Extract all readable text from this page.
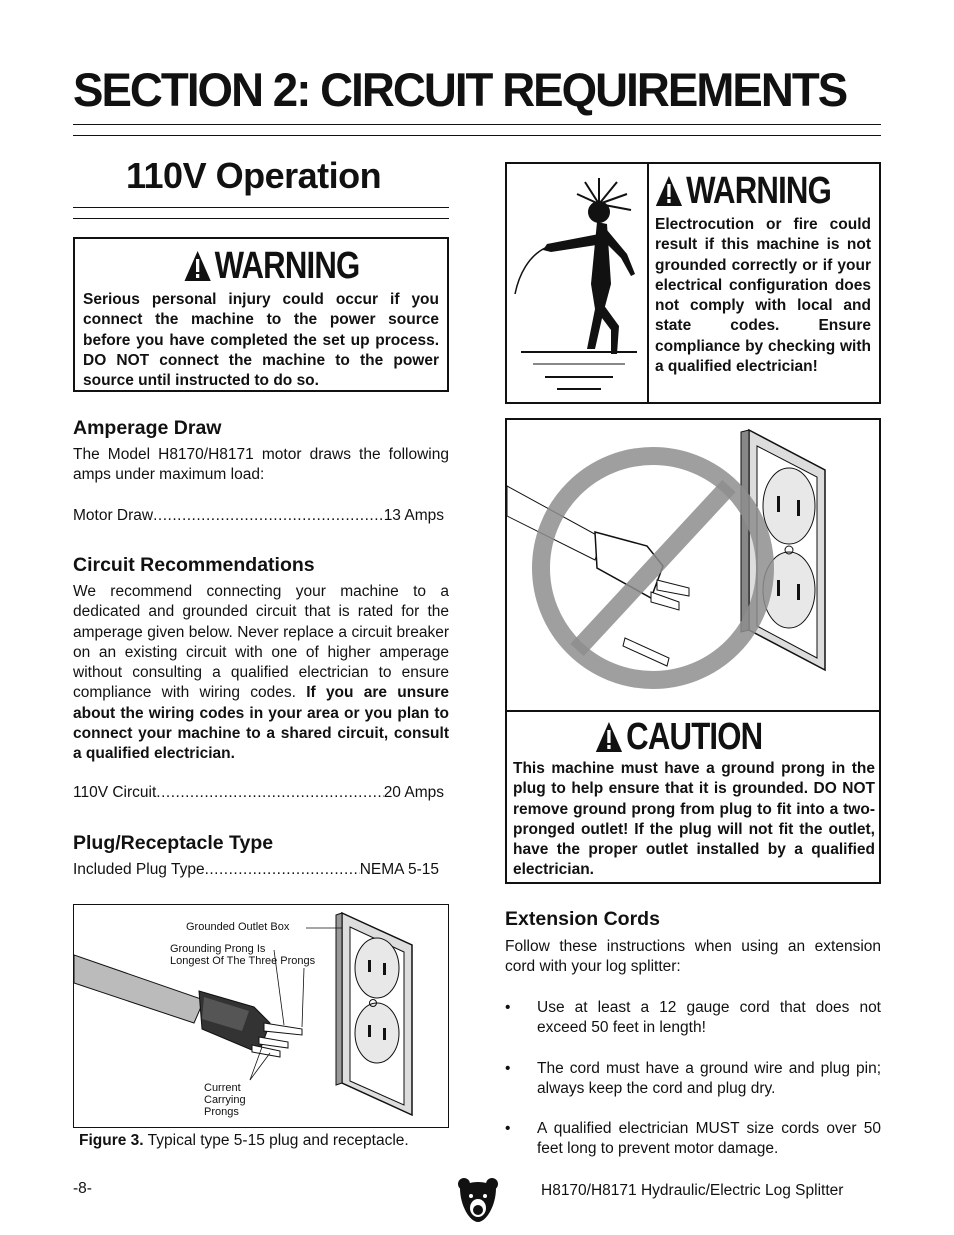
SECTION 2: CIRCUIT REQUIREMENTS
110V Operation
WARNING
Serious personal injury could occur if you connect the machine to the power source before you have completed the set up process. DO NOT connect the machine to the power source until instructed to do so.
Amperage Draw
The Model H8170/H8171 motor draws the following amps under maximum load:
Motor Draw .....	13 Amps
Circuit Recommendations
We recommend connecting your machine to a dedicated and grounded circuit that is rated for the amperage given below. Never replace a circuit breaker on an existing circuit with one of higher amperage without consulting a qualified electrician to ensure compliance with wiring codes. If you are unsure about the wiring codes in your area or you plan to connect your machine to a shared circuit, consult a qualified electrician.
110V Circuit .....	20 Amps
Plug/Receptacle Type
Included Plug Type .....	NEMA 5-15
Grounded Outlet Box
Grounding Prong Is
Longest Of The Three Prongs
Current
Carrying
Prongs
Figure 3. Typical type 5-15 plug and receptacle.
WARNING
Electrocution or fire could result if this machine is not grounded correctly or if your electrical configuration does not comply with local and state codes. Ensure compliance by checking with a qualified electrician!
CAUTION
This machine must have a ground prong in the plug to help ensure that it is grounded. DO NOT remove ground prong from plug to fit into a two-pronged outlet! If the plug will not fit the outlet, have the proper outlet installed by a qualified electrician.
Extension Cords
Follow these instructions when using an extension cord with your log splitter:
•	Use at least a 12 gauge cord that does not exceed 50 feet in length!
•	The cord must have a ground wire and plug pin; always keep the cord and plug dry.
•	A qualified electrician MUST size cords over 50 feet long to prevent motor damage.
-8-	H8170/H8171 Hydraulic/Electric Log Splitter
